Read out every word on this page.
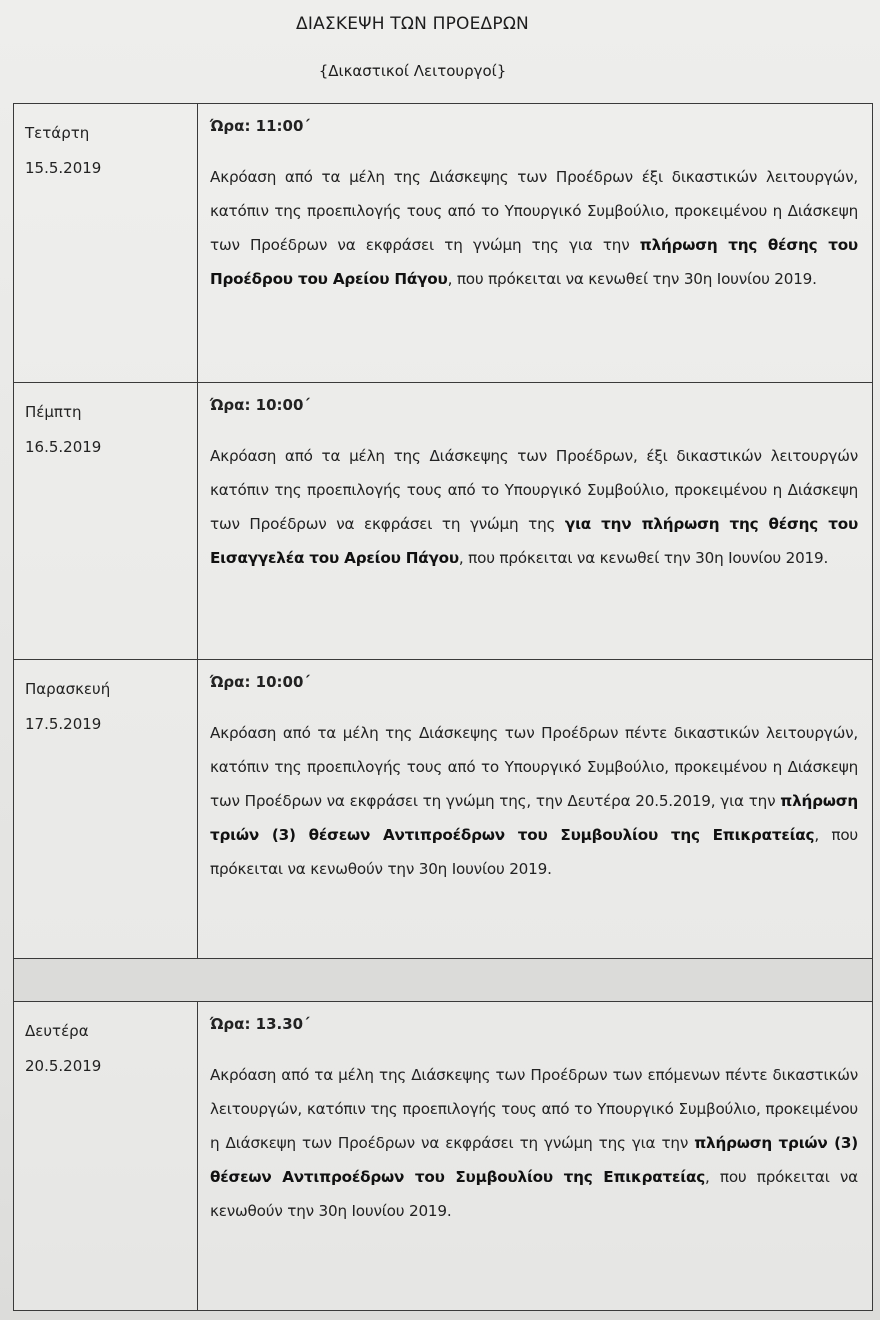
ΔΙΑΣΚΕΨΗ ΤΩΝ ΠΡΟΕΔΡΩΝ
{Δικαστικοί Λειτουργοί}
Τετάρτη
15.5.2019
Ώρα: 11:00΄
Ακρόαση από τα μέλη της Διάσκεψης των Προέδρων έξι δικαστικών λειτουργών, κατόπιν της προεπιλογής τους από το Υπουργικό Συμβούλιο, προκειμένου η Διάσκεψη των Προέδρων να εκφράσει τη γνώμη της για την πλήρωση της θέσης του Προέδρου του Αρείου Πάγου, που πρόκειται να κενωθεί την 30η Ιουνίου 2019.
Πέμπτη
16.5.2019
Ώρα: 10:00΄
Ακρόαση από τα μέλη της Διάσκεψης των Προέδρων, έξι δικαστικών λειτουργών κατόπιν της προεπιλογής τους από το Υπουργικό Συμβούλιο, προκειμένου η Διάσκεψη των Προέδρων να εκφράσει τη γνώμη της για την πλήρωση της θέσης του Εισαγγελέα του Αρείου Πάγου, που πρόκειται να κενωθεί την 30η Ιουνίου 2019.
Παρασκευή
17.5.2019
Ώρα: 10:00΄
Ακρόαση από τα μέλη της Διάσκεψης των Προέδρων πέντε δικαστικών λειτουργών, κατόπιν της προεπιλογής τους από το Υπουργικό Συμβούλιο, προκειμένου η Διάσκεψη των Προέδρων να εκφράσει τη γνώμη της, την Δευτέρα 20.5.2019, για την πλήρωση τριών (3) θέσεων Αντιπροέδρων του Συμβουλίου της Επικρατείας, που πρόκειται να κενωθούν την 30η Ιουνίου 2019.
Δευτέρα
20.5.2019
Ώρα: 13.30΄
Ακρόαση από τα μέλη της Διάσκεψης των Προέδρων των επόμενων πέντε δικαστικών λειτουργών, κατόπιν της προεπιλογής τους από το Υπουργικό Συμβούλιο, προκειμένου η Διάσκεψη των Προέδρων να εκφράσει τη γνώμη της για την πλήρωση τριών (3) θέσεων Αντιπροέδρων του Συμβουλίου της Επικρατείας, που πρόκειται να κενωθούν την 30η Ιουνίου 2019.
